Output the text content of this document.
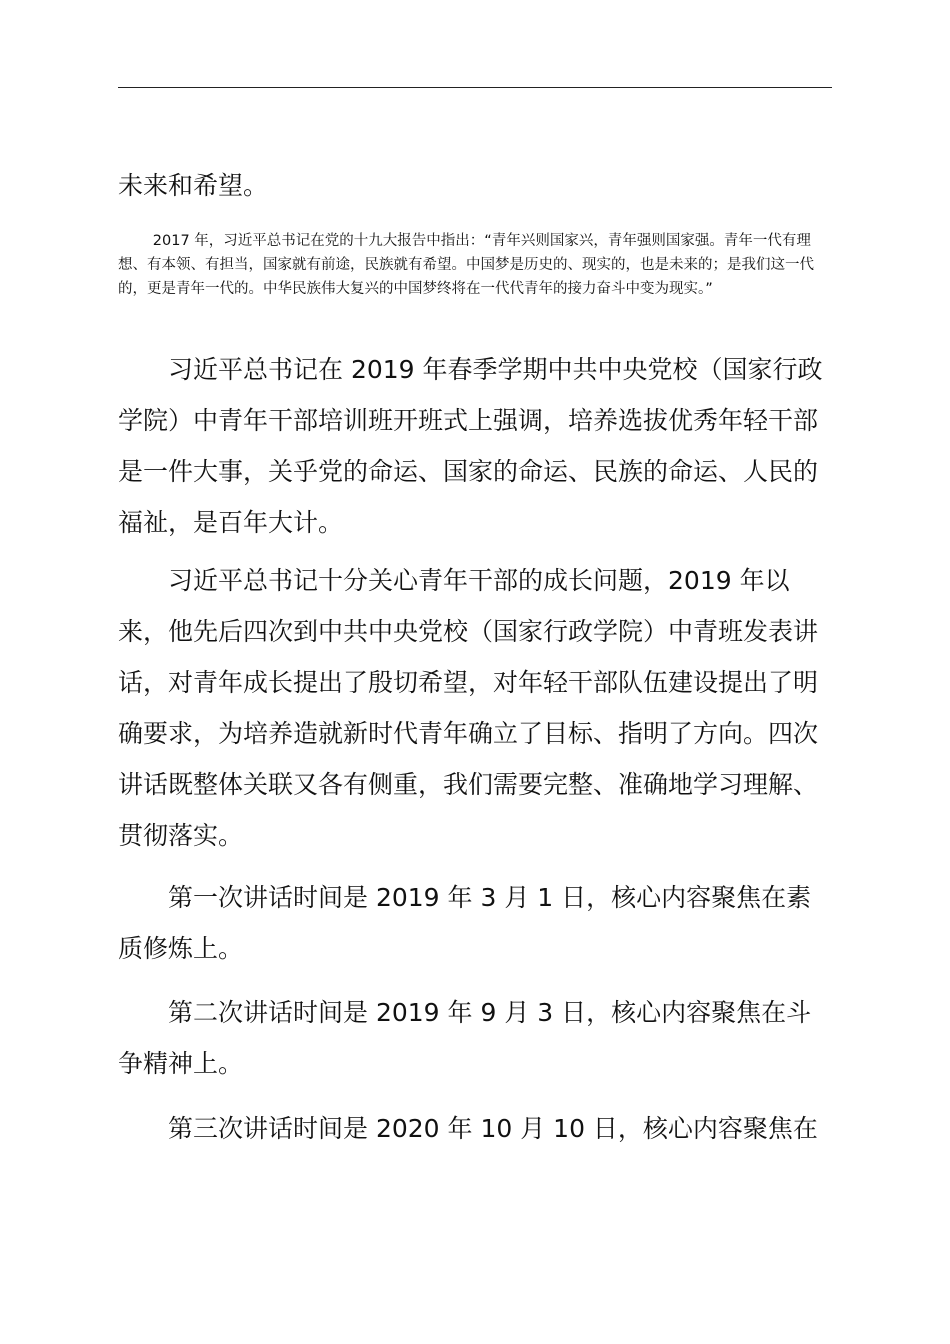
未来和希望。

2017 年，习近平总书记在党的十九大报告中指出：“青年兴则国家兴，青年强则国家强。青年一代有理想、有本领、有担当，国家就有前途，民族就有希望。中国梦是历史的、现实的，也是未来的；是我们这一代的，更是青年一代的。中华民族伟大复兴的中国梦终将在一代代青年的接力奋斗中变为现实。”

习近平总书记在 2019 年春季学期中共中央党校（国家行政学院）中青年干部培训班开班式上强调，培养选拔优秀年轻干部是一件大事，关乎党的命运、国家的命运、民族的命运、人民的福祉，是百年大计。

习近平总书记十分关心青年干部的成长问题，2019 年以来，他先后四次到中共中央党校（国家行政学院）中青班发表讲话，对青年成长提出了殷切希望，对年轻干部队伍建设提出了明确要求，为培养造就新时代青年确立了目标、指明了方向。四次讲话既整体关联又各有侧重，我们需要完整、准确地学习理解、贯彻落实。

第一次讲话时间是 2019 年 3 月 1 日，核心内容聚焦在素质修炼上。

第二次讲话时间是 2019 年 9 月 3 日，核心内容聚焦在斗争精神上。

第三次讲话时间是 2020 年 10 月 10 日，核心内容聚焦在
